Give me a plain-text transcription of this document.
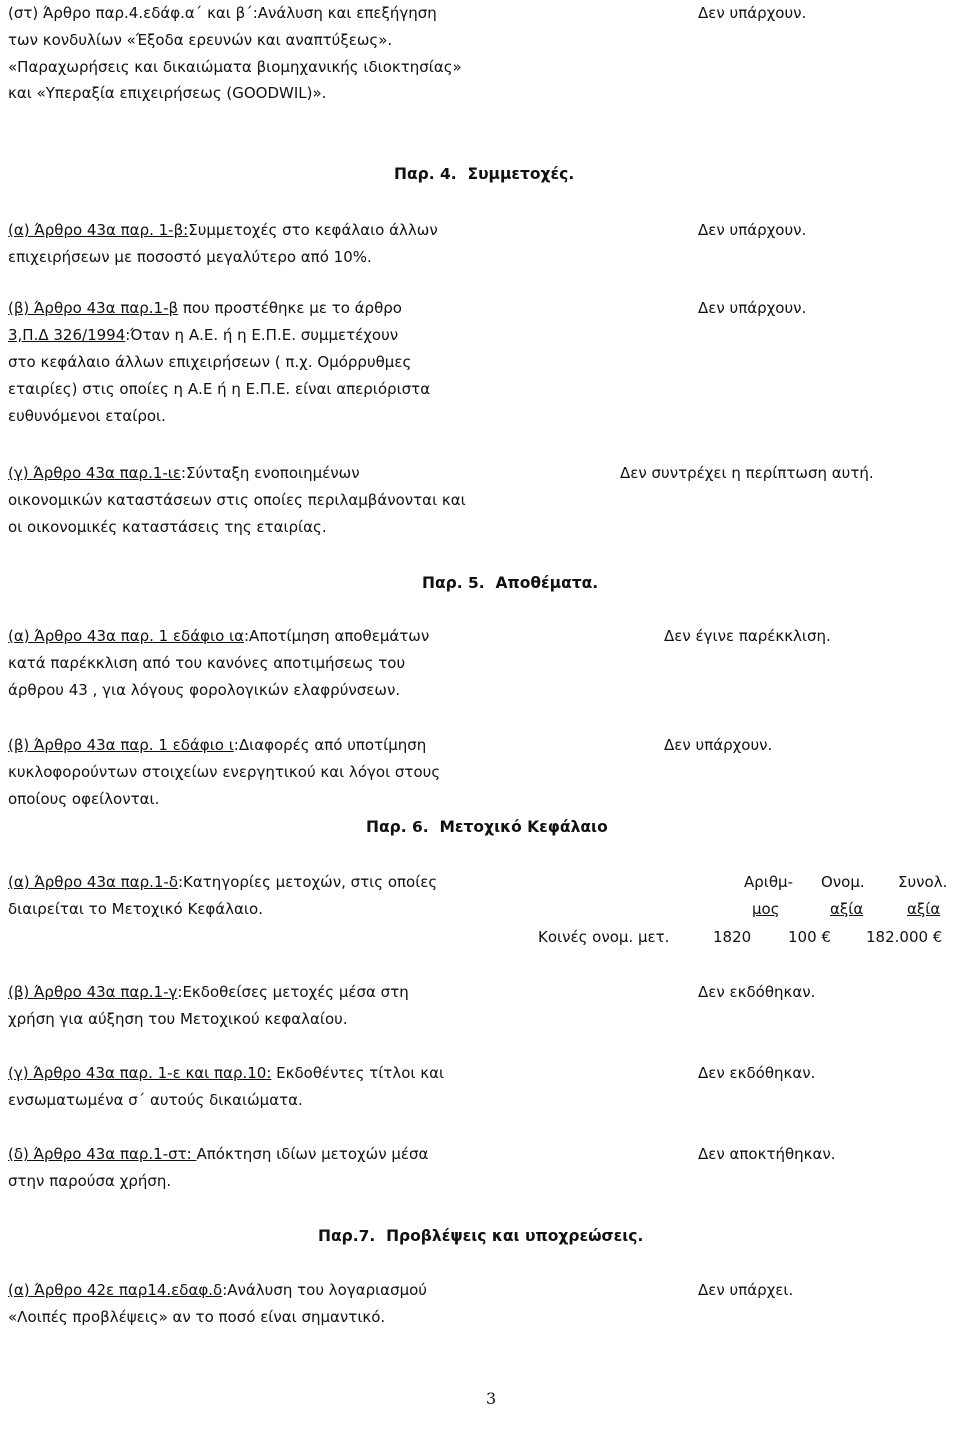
(στ) Άρθρο παρ.4.εδάφ.α΄ και β΄:Ανάλυση και επεξήγηση
των κονδυλίων «Έξοδα ερευνών και αναπτύξεως».
«Παραχωρήσεις και δικαιώματα βιομηχανικής ιδιοκτησίας»
και «Υπεραξία επιχειρήσεως (GOODWIL)».
Δεν υπάρχουν.
Παρ. 4. Συμμετοχές.
(α) Άρθρο 43α παρ. 1-β:Συμμετοχές στο κεφάλαιο άλλων
επιχειρήσεων με ποσοστό μεγαλύτερο από 10%.
Δεν υπάρχουν.
(β) Άρθρο 43α παρ.1-β που προστέθηκε με το άρθρο
3,Π.Δ 326/1994:Όταν η Α.Ε. ή η Ε.Π.Ε. συμμετέχουν
στο κεφάλαιο άλλων επιχειρήσεων ( π.χ. Ομόρρυθμες
εταιρίες) στις οποίες η Α.Ε ή η Ε.Π.Ε. είναι απεριόριστα
ευθυνόμενοι εταίροι.
Δεν υπάρχουν.
(γ) Άρθρο 43α παρ.1-ιε:Σύνταξη ενοποιημένων
οικονομικών καταστάσεων στις οποίες περιλαμβάνονται και
οι οικονομικές καταστάσεις της εταιρίας.
Δεν συντρέχει η περίπτωση αυτή.
Παρ. 5. Αποθέματα.
(α) Άρθρο 43α παρ. 1 εδάφιο ια:Αποτίμηση αποθεμάτων
κατά παρέκκλιση από του κανόνες αποτιμήσεως του
άρθρου 43 , για λόγους φορολογικών ελαφρύνσεων.
Δεν έγινε παρέκκλιση.
(β) Άρθρο 43α παρ. 1 εδάφιο ι:Διαφορές από υποτίμηση
κυκλοφορούντων στοιχείων ενεργητικού και λόγοι στους
οποίους οφείλονται.
Δεν υπάρχουν.
Παρ. 6. Μετοχικό Κεφάλαιο
(α) Άρθρο 43α παρ.1-δ:Κατηγορίες μετοχών, στις οποίες
διαιρείται το Μετοχικό Κεφάλαιο.
Αριθμ- Ονομ. Συνολ.
μος	αξία	αξία
Κοινές ονομ. μετ.	1820 100 € 182.000 €
(β) Άρθρο 43α παρ.1-γ:Εκδοθείσες μετοχές μέσα στη
χρήση για αύξηση του Μετοχικού κεφαλαίου.
Δεν εκδόθηκαν.
(γ) Άρθρο 43α παρ. 1-ε και παρ.10: Εκδοθέντες τίτλοι και
ενσωματωμένα σ΄ αυτούς δικαιώματα.
Δεν εκδόθηκαν.
(δ) Άρθρο 43α παρ.1-στ: Απόκτηση ιδίων μετοχών μέσα
στην παρούσα χρήση.
Δεν αποκτήθηκαν.
Παρ.7. Προβλέψεις και υποχρεώσεις.
(α) Άρθρο 42ε παρ14.εδαφ.δ:Ανάλυση του λογαριασμού
«Λοιπές προβλέψεις» αν το ποσό είναι σημαντικό.
Δεν υπάρχει.
3
